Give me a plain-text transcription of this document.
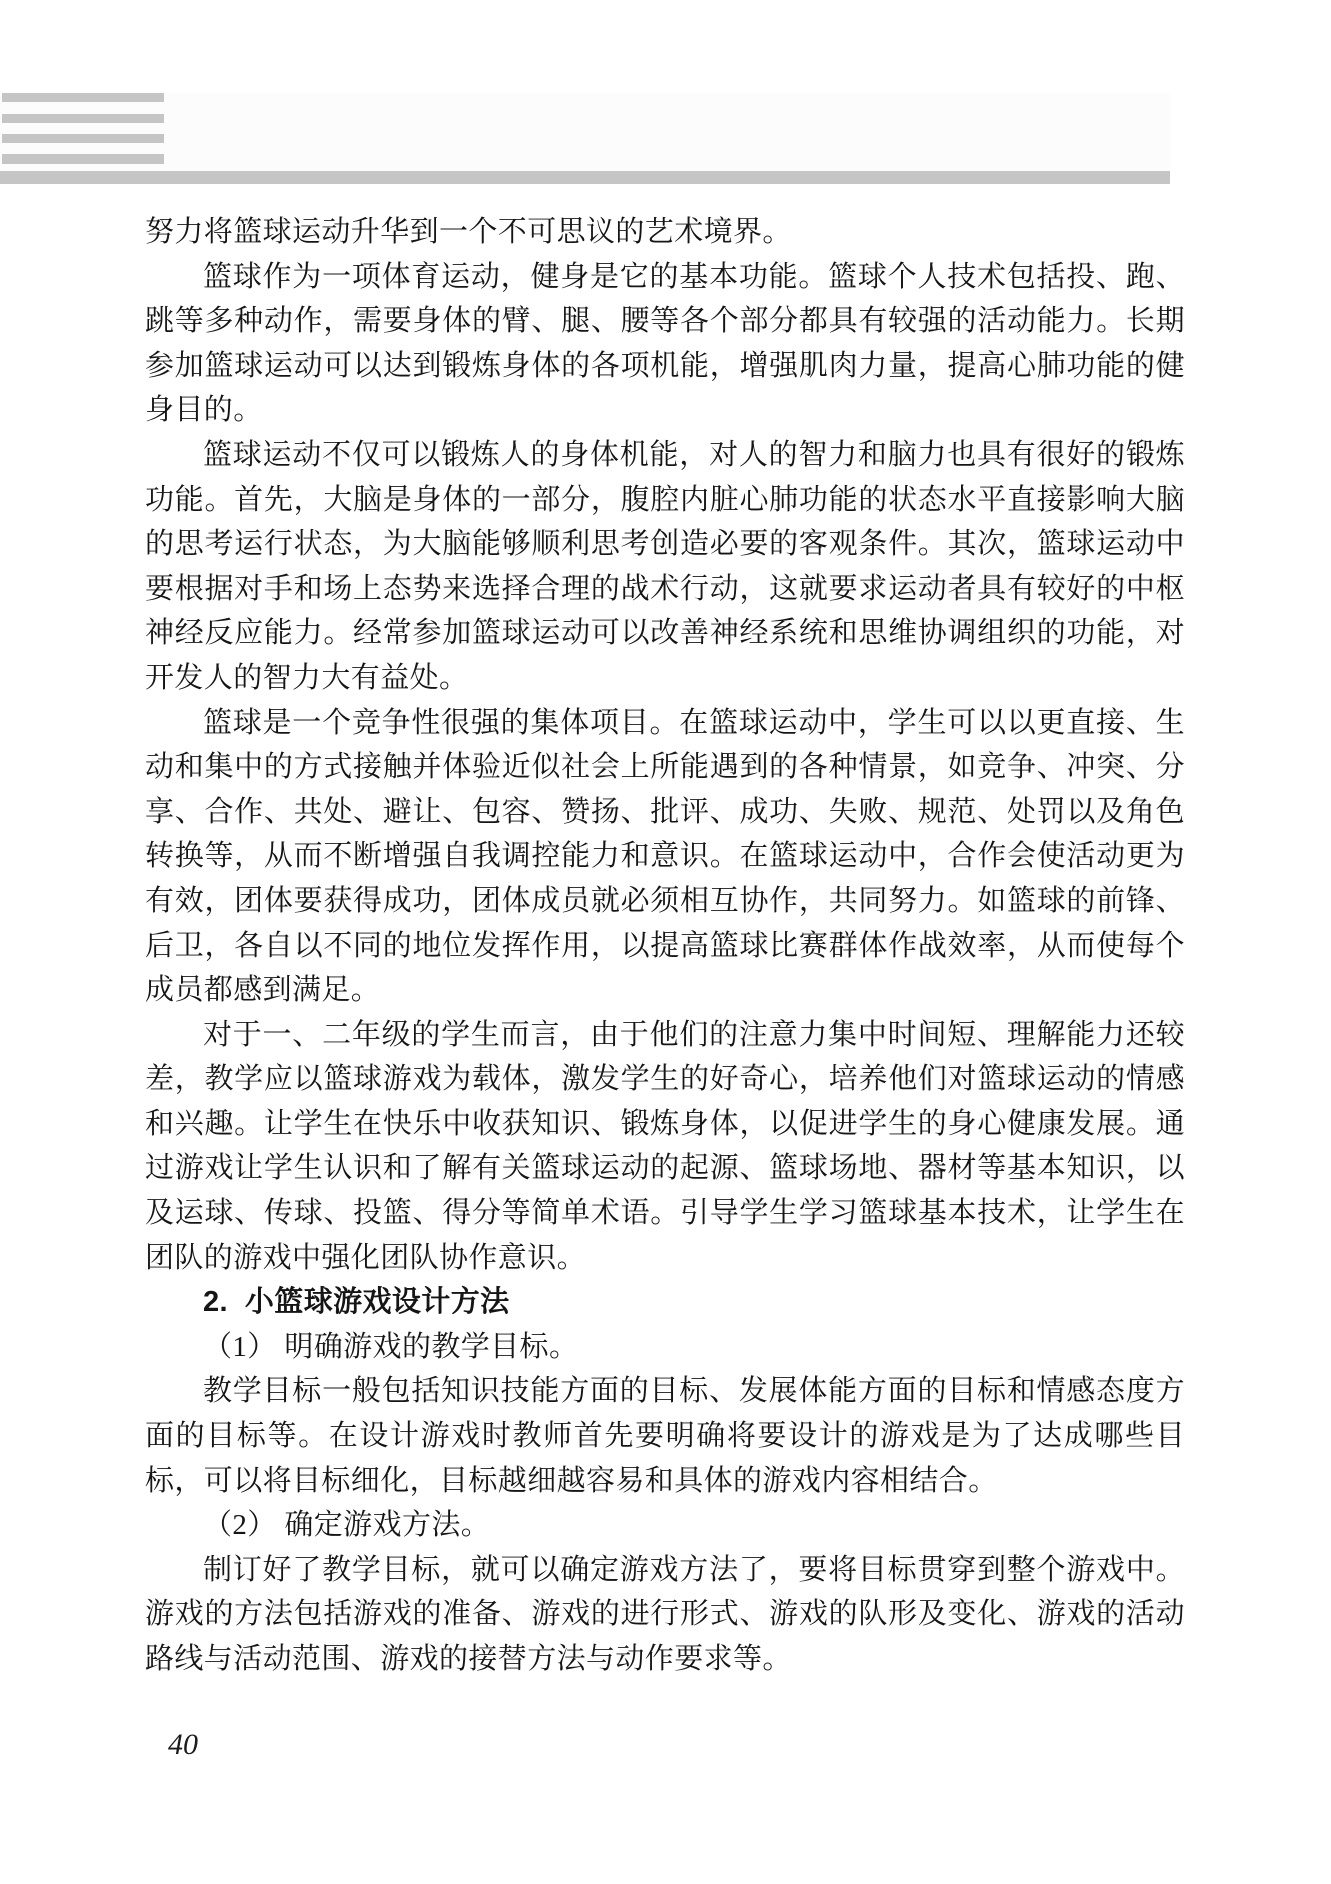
努力将篮球运动升华到一个不可思议的艺术境界。
篮球作为一项体育运动，健身是它的基本功能。篮球个人技术包括投、跑、
跳等多种动作，需要身体的臂、腿、腰等各个部分都具有较强的活动能力。长期
参加篮球运动可以达到锻炼身体的各项机能，增强肌肉力量，提高心肺功能的健
身目的。
篮球运动不仅可以锻炼人的身体机能，对人的智力和脑力也具有很好的锻炼
功能。首先，大脑是身体的一部分，腹腔内脏心肺功能的状态水平直接影响大脑
的思考运行状态，为大脑能够顺利思考创造必要的客观条件。其次，篮球运动中
要根据对手和场上态势来选择合理的战术行动，这就要求运动者具有较好的中枢
神经反应能力。经常参加篮球运动可以改善神经系统和思维协调组织的功能，对
开发人的智力大有益处。
篮球是一个竞争性很强的集体项目。在篮球运动中，学生可以以更直接、生
动和集中的方式接触并体验近似社会上所能遇到的各种情景，如竞争、冲突、分
享、合作、共处、避让、包容、赞扬、批评、成功、失败、规范、处罚以及角色
转换等，从而不断增强自我调控能力和意识。在篮球运动中，合作会使活动更为
有效，团体要获得成功，团体成员就必须相互协作，共同努力。如篮球的前锋、
后卫，各自以不同的地位发挥作用，以提高篮球比赛群体作战效率，从而使每个
成员都感到满足。
对于一、二年级的学生而言，由于他们的注意力集中时间短、理解能力还较
差，教学应以篮球游戏为载体，激发学生的好奇心，培养他们对篮球运动的情感
和兴趣。让学生在快乐中收获知识、锻炼身体，以促进学生的身心健康发展。通
过游戏让学生认识和了解有关篮球运动的起源、篮球场地、器材等基本知识，以
及运球、传球、投篮、得分等简单术语。引导学生学习篮球基本技术，让学生在
团队的游戏中强化团队协作意识。
2.  小篮球游戏设计方法
（1） 明确游戏的教学目标。
教学目标一般包括知识技能方面的目标、发展体能方面的目标和情感态度方
面的目标等。在设计游戏时教师首先要明确将要设计的游戏是为了达成哪些目
标，可以将目标细化，目标越细越容易和具体的游戏内容相结合。
（2） 确定游戏方法。
制订好了教学目标，就可以确定游戏方法了，要将目标贯穿到整个游戏中。
游戏的方法包括游戏的准备、游戏的进行形式、游戏的队形及变化、游戏的活动
路线与活动范围、游戏的接替方法与动作要求等。
40
